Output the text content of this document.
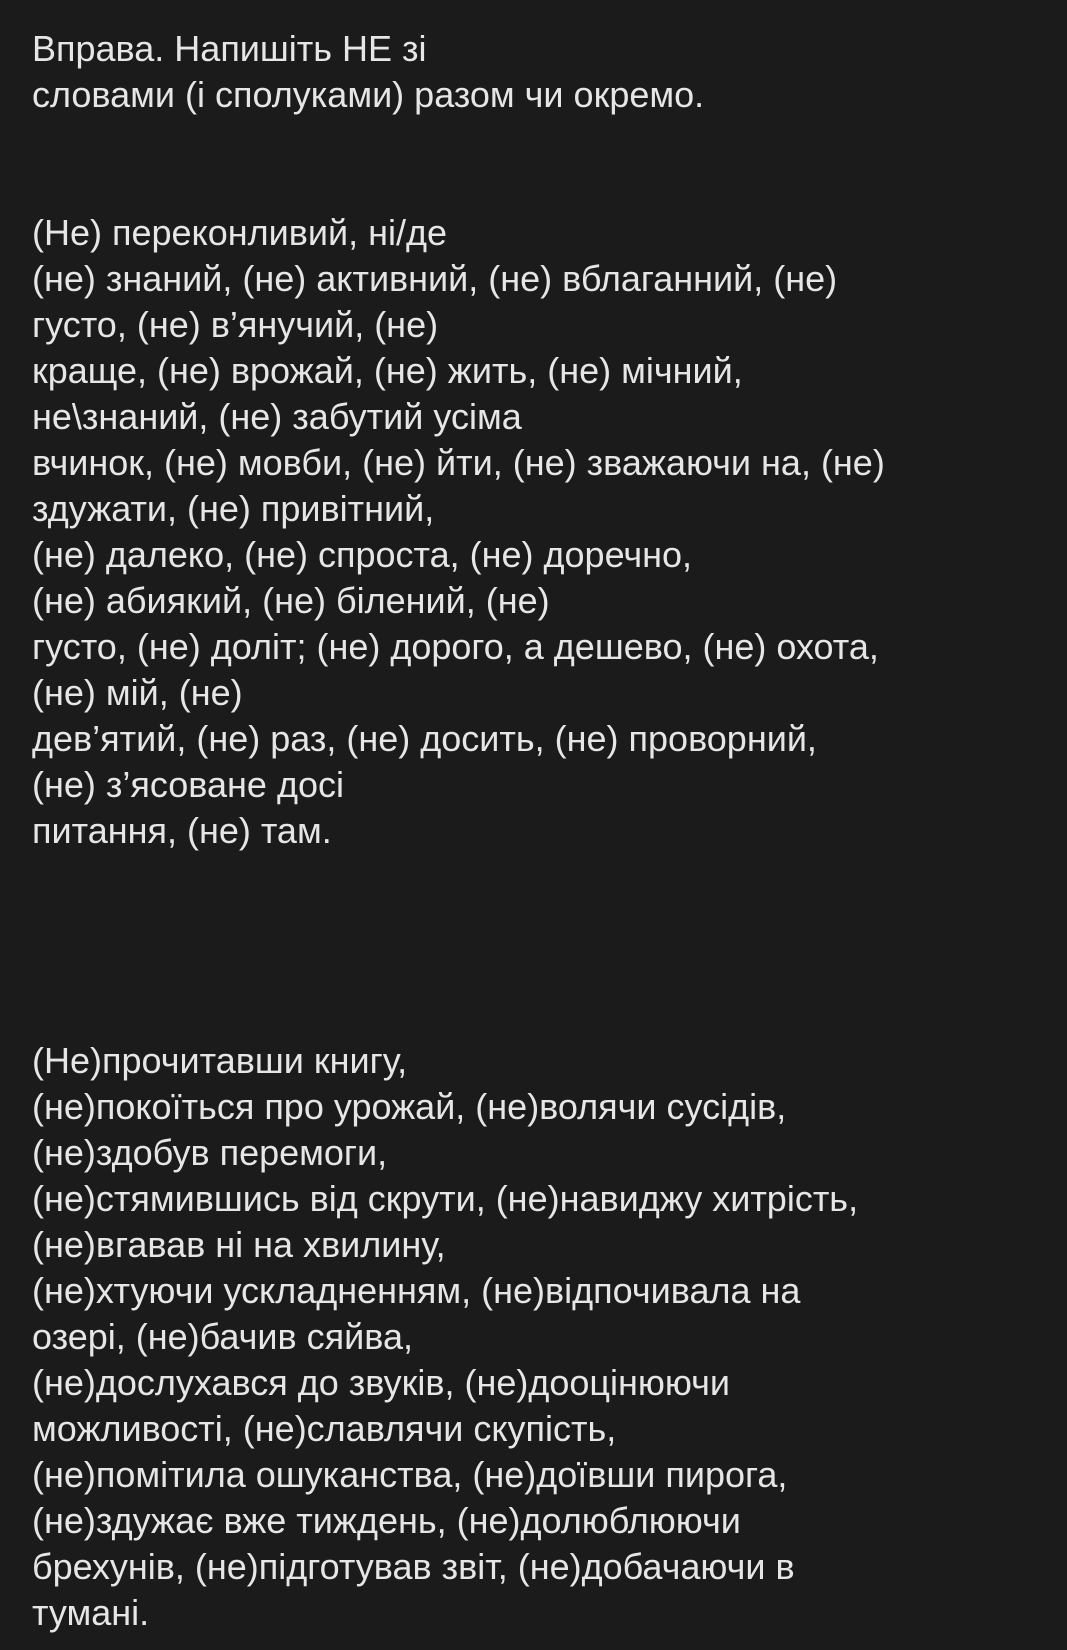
Вправа. Напишіть НЕ зі
словами (і сполуками) разом чи окремо.
(Не) переконливий, ні/де
(не) знаний, (не) активний, (не) вблаганний, (не)
густо, (не) в’янучий, (не)
краще, (не) врожай, (не) жить, (не) мічний,
не\знаний, (не) забутий усіма
вчинок, (не) мовби, (не) йти, (не) зважаючи на, (не)
здужати, (не) привітний,
(не) далеко, (не) спроста, (не) доречно,
(не) абиякий, (не) білений, (не)
густо, (не) доліт; (не) дорого, а дешево, (не) охота,
(не) мій, (не)
дев’ятий, (не) раз, (не) досить, (не) проворний,
(не) з’ясоване досі
питання, (не) там.
(Не)прочитавши книгу,
(не)покоїться про урожай, (не)волячи сусідів,
(не)здобув перемоги,
(не)стямившись від скрути, (не)навиджу хитрість,
(не)вгавав ні на хвилину,
(не)хтуючи ускладненням, (не)відпочивала на
озері, (не)бачив сяйва,
(не)дослухався до звуків, (не)дооцінюючи
можливості, (не)славлячи скупість,
(не)помітила ошуканства, (не)доївши пирога,
(не)здужає вже тиждень, (не)долюблюючи
брехунів, (не)підготував звіт, (не)добачаючи в
тумані.
